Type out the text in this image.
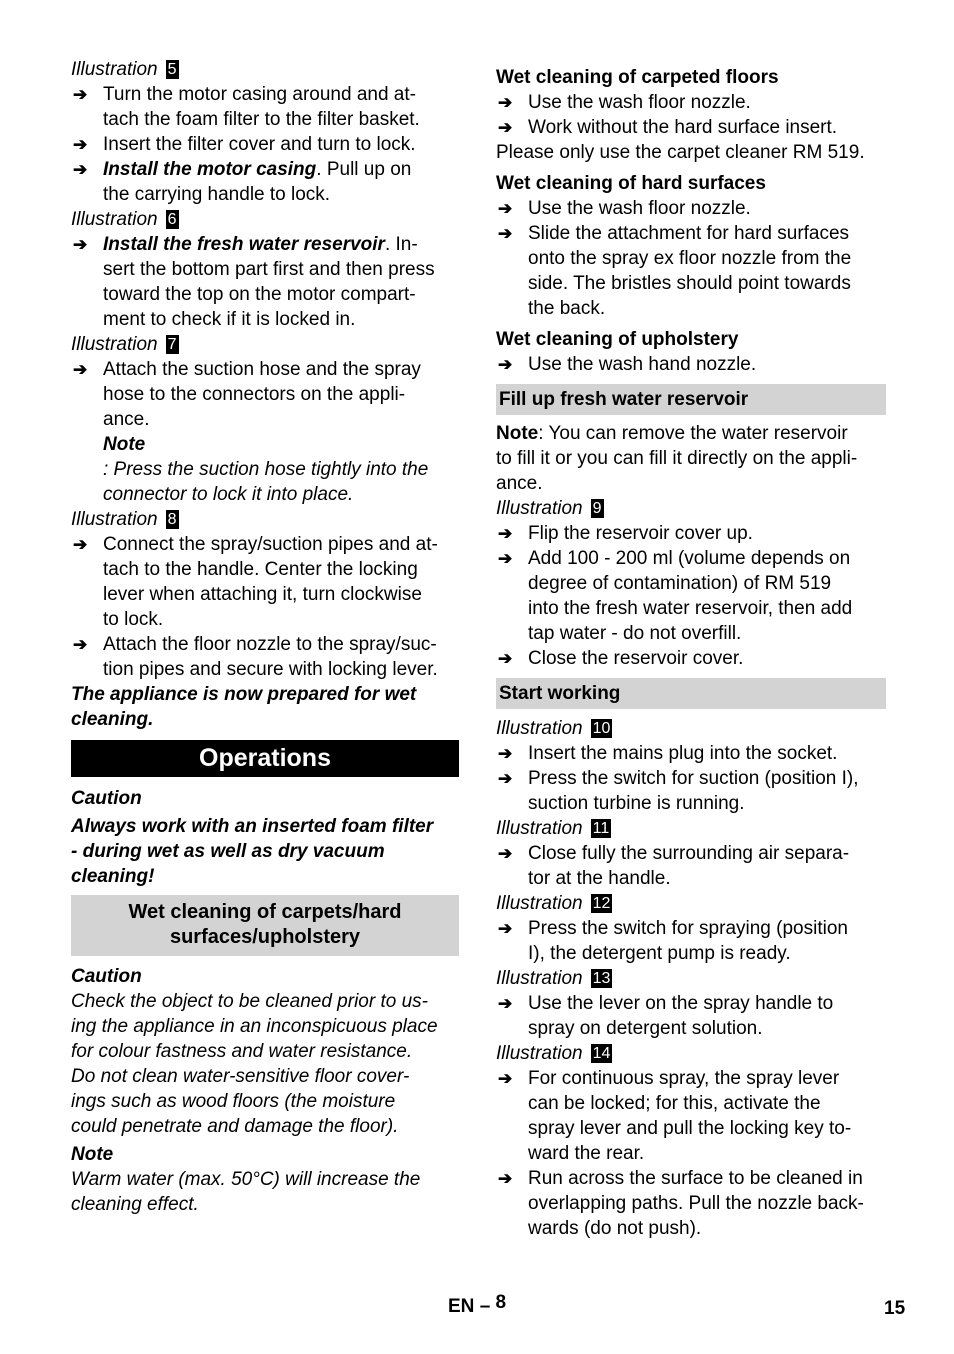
Illustration 5
➔ Turn the motor casing around and at-
tach the foam filter to the filter basket.
➔ Insert the filter cover and turn to lock.
➔ Install the motor casing. Pull up on
the carrying handle to lock.
Illustration 6
➔ Install the fresh water reservoir. In-
sert the bottom part first and then press
toward the top on the motor compart-
ment to check if it is locked in.
Illustration 7
➔ Attach the suction hose and the spray
hose to the connectors on the appli-
ance.
Note
: Press the suction hose tightly into the
connector to lock it into place.
Illustration 8
➔ Connect the spray/suction pipes and at-
tach to the handle. Center the locking
lever when attaching it, turn clockwise
to lock.
➔ Attach the floor nozzle to the spray/suc-
tion pipes and secure with locking lever.
The appliance is now prepared for wet
cleaning.
Operations
Caution
Always work with an inserted foam filter
- during wet as well as dry vacuum
cleaning!
Wet cleaning of carpets/hard
surfaces/upholstery
Caution
Check the object to be cleaned prior to us-
ing the appliance in an inconspicuous place
for colour fastness and water resistance.
Do not clean water-sensitive floor cover-
ings such as wood floors (the moisture
could penetrate and damage the floor).
Note
Warm water (max. 50°C) will increase the
cleaning effect.
Wet cleaning of carpeted floors
➔ Use the wash floor nozzle.
➔ Work without the hard surface insert.
Please only use the carpet cleaner RM 519.
Wet cleaning of hard surfaces
➔ Use the wash floor nozzle.
➔ Slide the attachment for hard surfaces
onto the spray ex floor nozzle from the
side. The bristles should point towards
the back.
Wet cleaning of upholstery
➔ Use the wash hand nozzle.
Fill up fresh water reservoir
Note: You can remove the water reservoir
to fill it or you can fill it directly on the appli-
ance.
Illustration 9
➔ Flip the reservoir cover up.
➔ Add 100 - 200 ml (volume depends on
degree of contamination) of RM 519
into the fresh water reservoir, then add
tap water - do not overfill.
➔ Close the reservoir cover.
Start working
Illustration 10
➔ Insert the mains plug into the socket.
➔ Press the switch for suction (position I),
suction turbine is running.
Illustration 11
➔ Close fully the surrounding air separa-
tor at the handle.
Illustration 12
➔ Press the switch for spraying (position
I), the detergent pump is ready.
Illustration 13
➔ Use the lever on the spray handle to
spray on detergent solution.
Illustration 14
➔ For continuous spray, the spray lever
can be locked; for this, activate the
spray lever and pull the locking key to-
ward the rear.
➔ Run across the surface to be cleaned in
overlapping paths. Pull the nozzle back-
wards (do not push).
EN – 8	15
